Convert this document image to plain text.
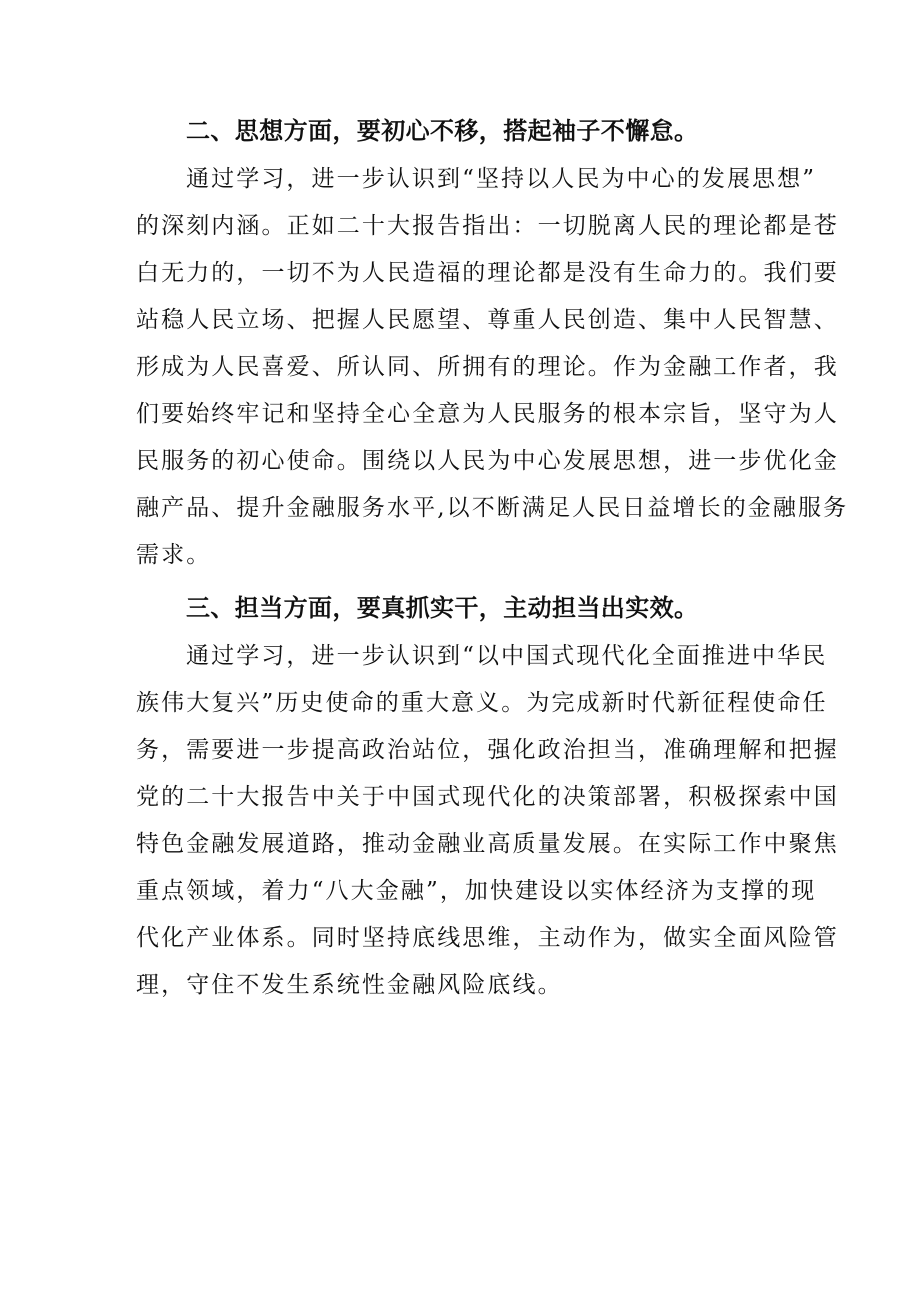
二、思想方面，要初心不移，搭起袖子不懈怠。
通过学习，进一步认识到“坚持以人民为中心的发展思想”
的深刻内涵。正如二十大报告指出：一切脱离人民的理论都是苍
白无力的，一切不为人民造福的理论都是没有生命力的。我们要
站稳人民立场、把握人民愿望、尊重人民创造、集中人民智慧、
形成为人民喜爱、所认同、所拥有的理论。作为金融工作者，我
们要始终牢记和坚持全心全意为人民服务的根本宗旨，坚守为人
民服务的初心使命。围绕以人民为中心发展思想，进一步优化金
融产品、提升金融服务水平,以不断满足人民日益增长的金融服务
需求。
三、担当方面，要真抓实干，主动担当出实效。
通过学习，进一步认识到“以中国式现代化全面推进中华民
族伟大复兴”历史使命的重大意义。为完成新时代新征程使命任
务，需要进一步提高政治站位，强化政治担当，准确理解和把握
党的二十大报告中关于中国式现代化的决策部署，积极探索中国
特色金融发展道路，推动金融业高质量发展。在实际工作中聚焦
重点领域，着力“八大金融”，加快建设以实体经济为支撑的现
代化产业体系。同时坚持底线思维，主动作为，做实全面风险管
理，守住不发生系统性金融风险底线。
